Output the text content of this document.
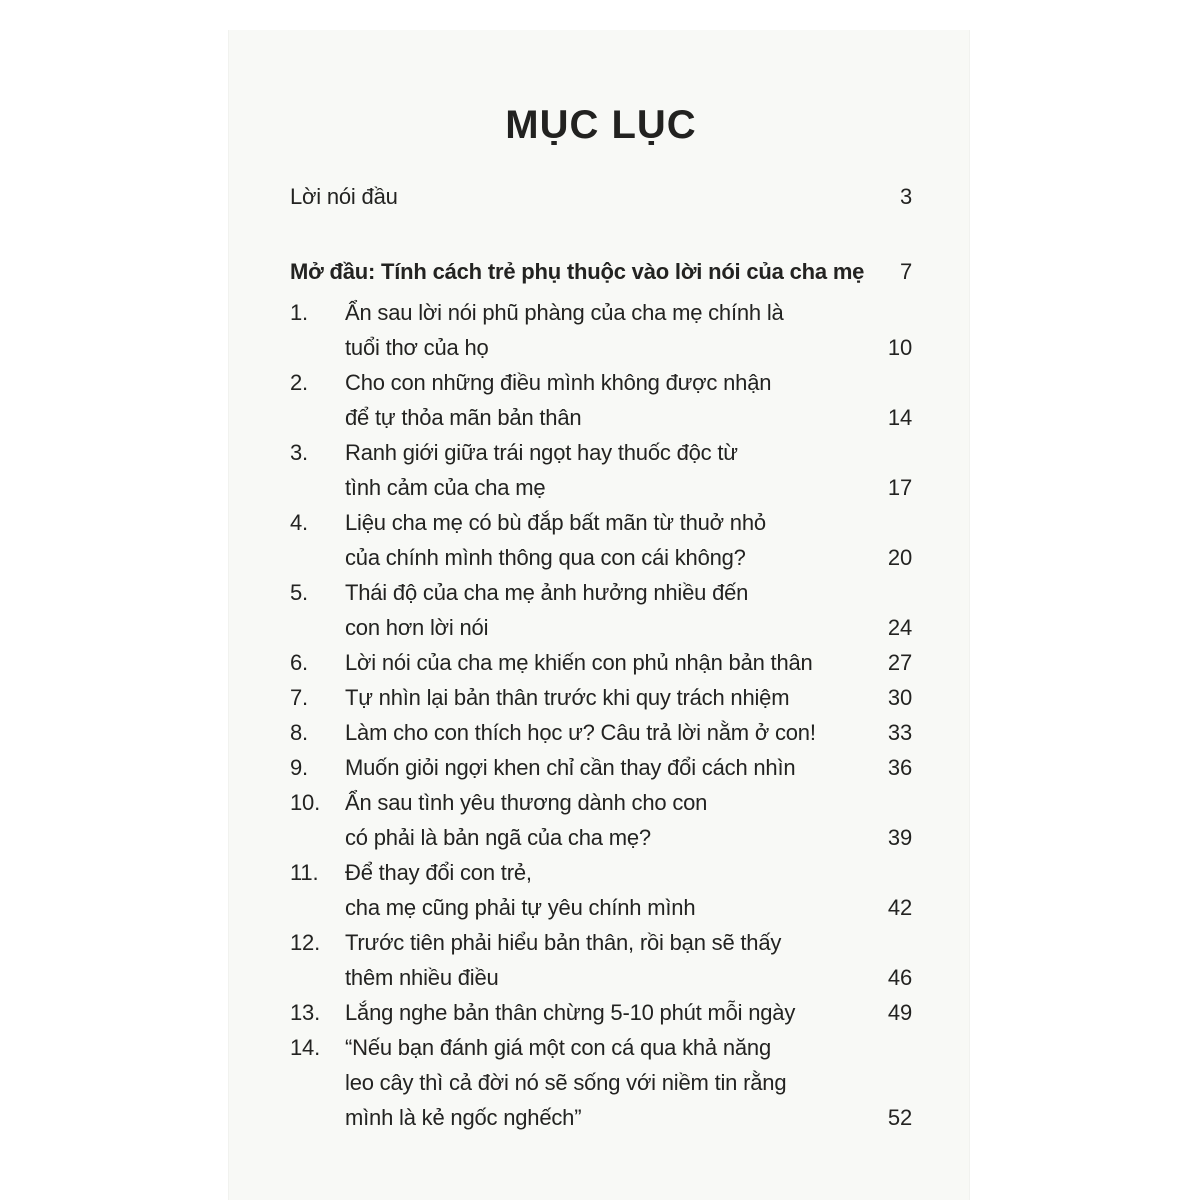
MỤC LỤC
Lời nói đầu	3
Mở đầu: Tính cách trẻ phụ thuộc vào lời nói của cha mẹ 7
1.	Ẩn sau lời nói phũ phàng của cha mẹ chính là
tuổi thơ của họ	10
2.	Cho con những điều mình không được nhận
để tự thỏa mãn bản thân	14
3.	Ranh giới giữa trái ngọt hay thuốc độc từ
tình cảm của cha mẹ	17
4.	Liệu cha mẹ có bù đắp bất mãn từ thuở nhỏ
của chính mình thông qua con cái không?	20
5.	Thái độ của cha mẹ ảnh hưởng nhiều đến
con hơn lời nói	24
6.	Lời nói của cha mẹ khiến con phủ nhận bản thân	27
7.	Tự nhìn lại bản thân trước khi quy trách nhiệm	30
8.	Làm cho con thích học ư? Câu trả lời nằm ở con!	33
9.	Muốn giỏi ngợi khen chỉ cần thay đổi cách nhìn	36
10.	Ẩn sau tình yêu thương dành cho con
có phải là bản ngã của cha mẹ?	39
11.	Để thay đổi con trẻ,
cha mẹ cũng phải tự yêu chính mình	42
12.	Trước tiên phải hiểu bản thân, rồi bạn sẽ thấy
thêm nhiều điều	46
13.	Lắng nghe bản thân chừng 5-10 phút mỗi ngày	49
14.	“Nếu bạn đánh giá một con cá qua khả năng
leo cây thì cả đời nó sẽ sống với niềm tin rằng
mình là kẻ ngốc nghếch”	52
